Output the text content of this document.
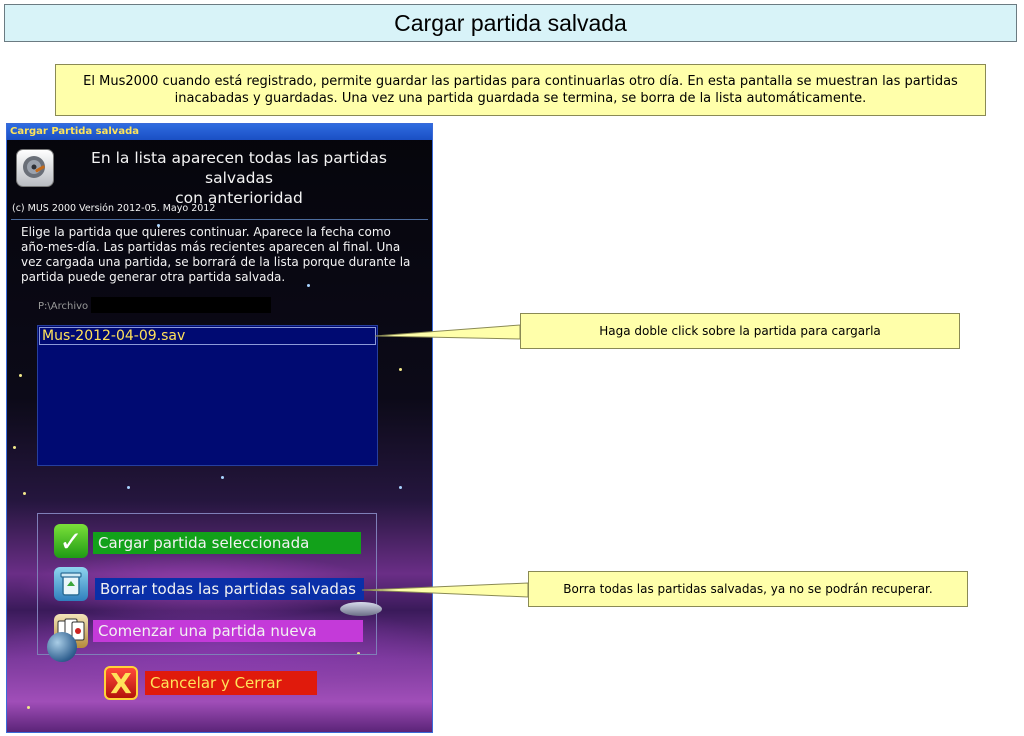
Cargar partida salvada
El Mus2000 cuando está registrado, permite guardar las partidas para continuarlas otro día. En esta pantalla se muestran las partidas inacabadas y guardadas. Una vez una partida guardada se termina, se borra de la lista automáticamente.
Haga doble click sobre la partida para cargarla
Borra todas las partidas salvadas, ya no se podrán recuperar.
Cargar Partida salvada
En la lista aparecen todas las partidas salvadas
con anterioridad
(c) MUS 2000 Versión 2012-05. Mayo 2012
Elige la partida que quieres continuar. Aparece la fecha como año-mes-día. Las partidas más recientes aparecen al final. Una vez cargada una partida, se borrará de la lista porque durante la partida puede generar otra partida salvada.
P:\Archivo
Mus-2012-04-09.sav
✓	Cargar partida seleccionada
Borrar todas las partidas salvadas
Comenzar una partida nueva
X	Cancelar y Cerrar
